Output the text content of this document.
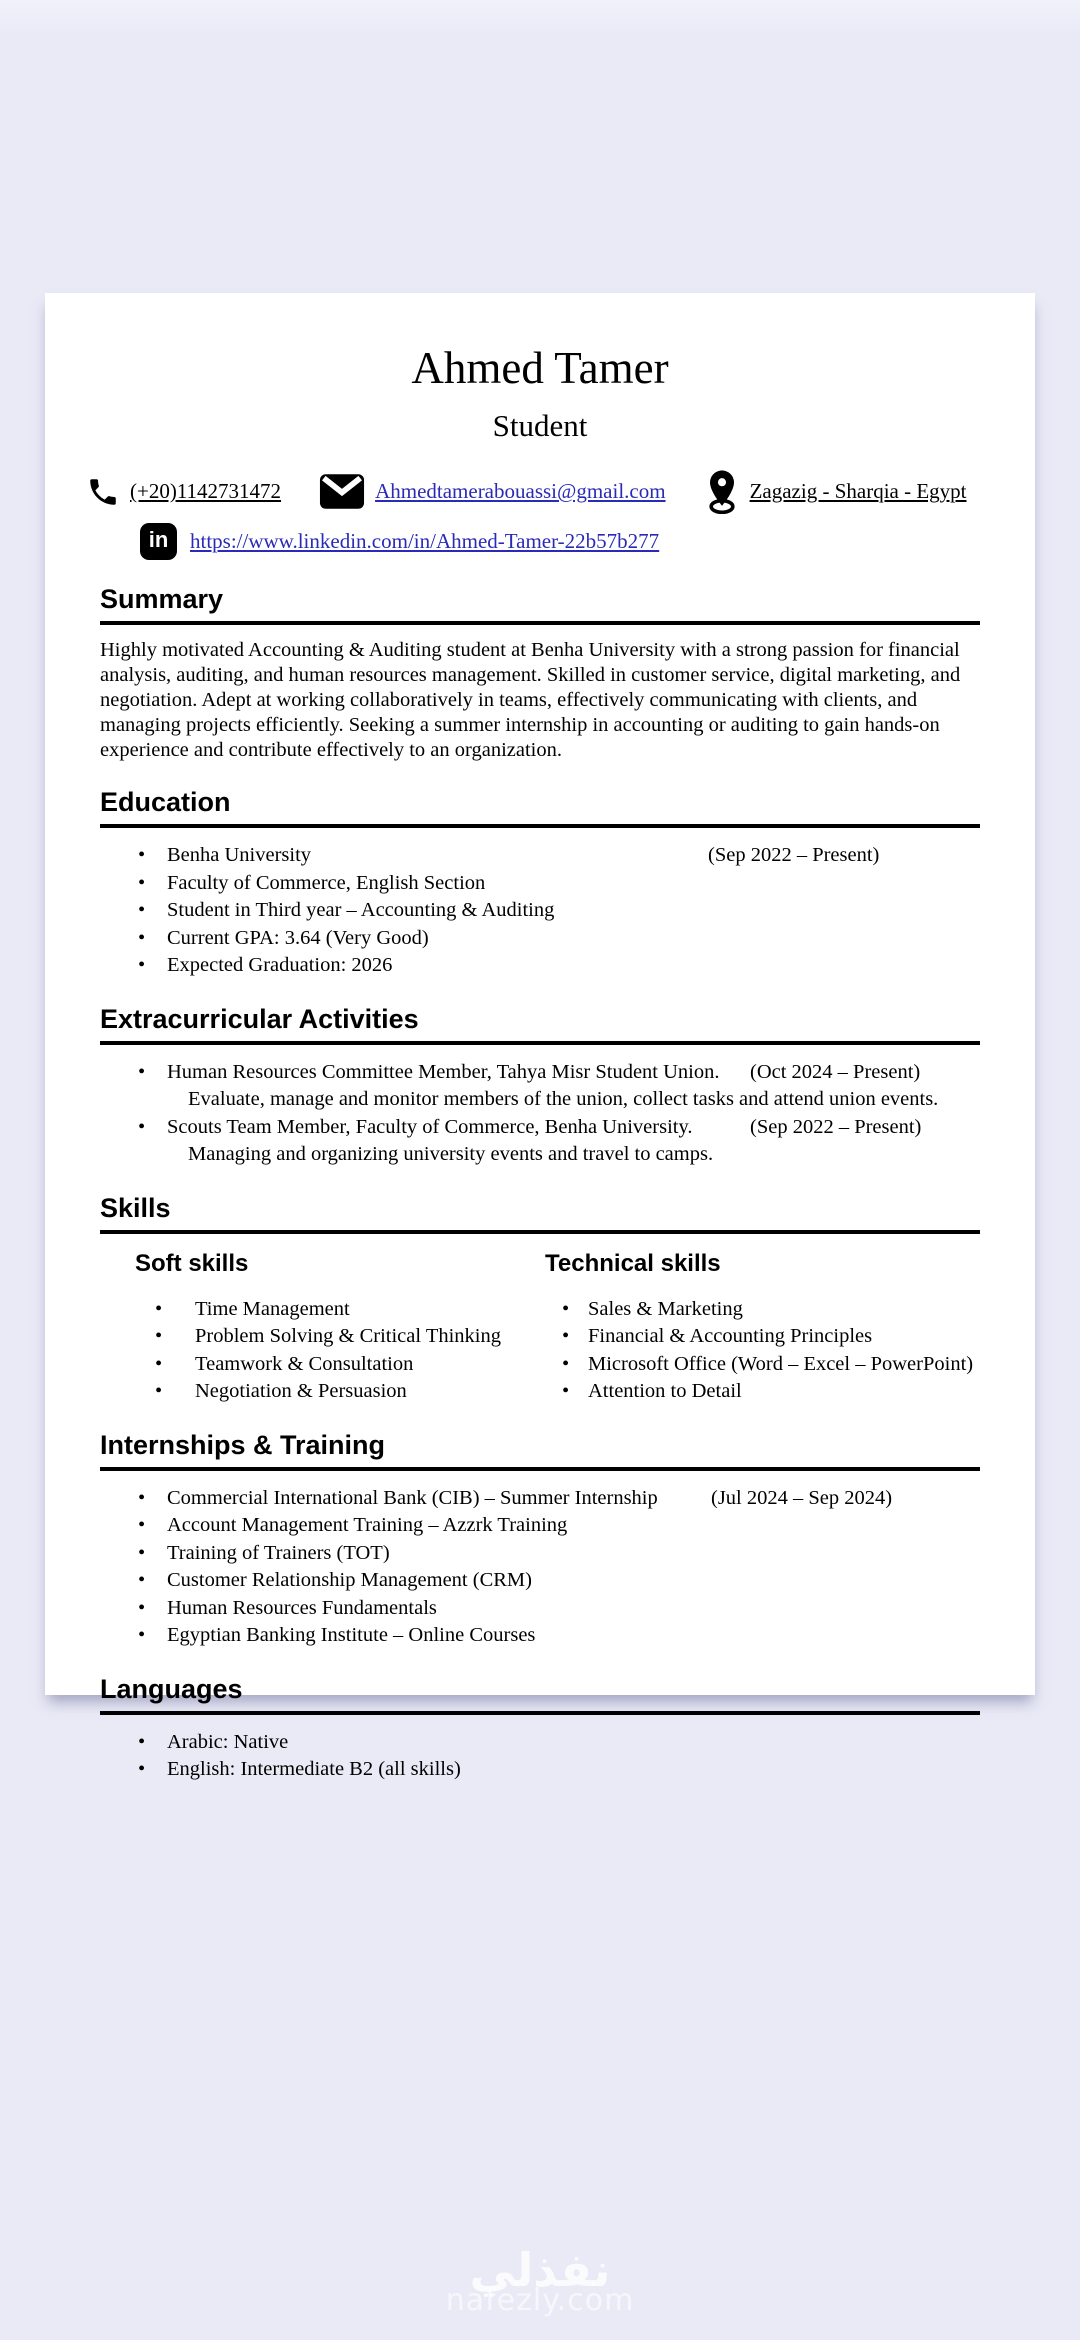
Ahmed Tamer
Student
(+20)1142731472	Ahmedtamerabouassi@gmail.com	Zagazig - Sharqia - Egypt
in	https://www.linkedin.com/in/Ahmed-Tamer-22b57b277
Summary

Highly motivated Accounting & Auditing student at Benha University with a strong passion for financial analysis, auditing, and human resources management. Skilled in customer service, digital marketing, and negotiation. Adept at working collaboratively in teams, effectively communicating with clients, and managing projects efficiently. Seeking a summer internship in accounting or auditing to gain hands-on experience and contribute effectively to an organization.

Education
• Benha University	(Sep 2022 – Present)
• Faculty of Commerce, English Section
• Student in Third year – Accounting & Auditing
• Current GPA: 3.64 (Very Good)
• Expected Graduation: 2026
Extracurricular Activities
• Human Resources Committee Member, Tahya Misr Student Union. (Oct 2024 – Present)
Evaluate, manage and monitor members of the union, collect tasks and attend union events.
• Scouts Team Member, Faculty of Commerce, Benha University.	(Sep 2022 – Present)
Managing and organizing university events and travel to camps.
Skills
Soft skills
• Time Management
• Problem Solving & Critical Thinking
• Teamwork & Consultation
• Negotiation & Persuasion
Technical skills
• Sales & Marketing
• Financial & Accounting Principles
• Microsoft Office (Word – Excel – PowerPoint)
• Attention to Detail
Internships & Training
• Commercial International Bank (CIB) – Summer Internship	(Jul 2024 – Sep 2024)
• Account Management Training – Azzrk Training
• Training of Trainers (TOT)
• Customer Relationship Management (CRM)
• Human Resources Fundamentals
• Egyptian Banking Institute – Online Courses
Languages
• Arabic: Native
• English: Intermediate B2 (all skills)
نفذلي
nafezly.com
